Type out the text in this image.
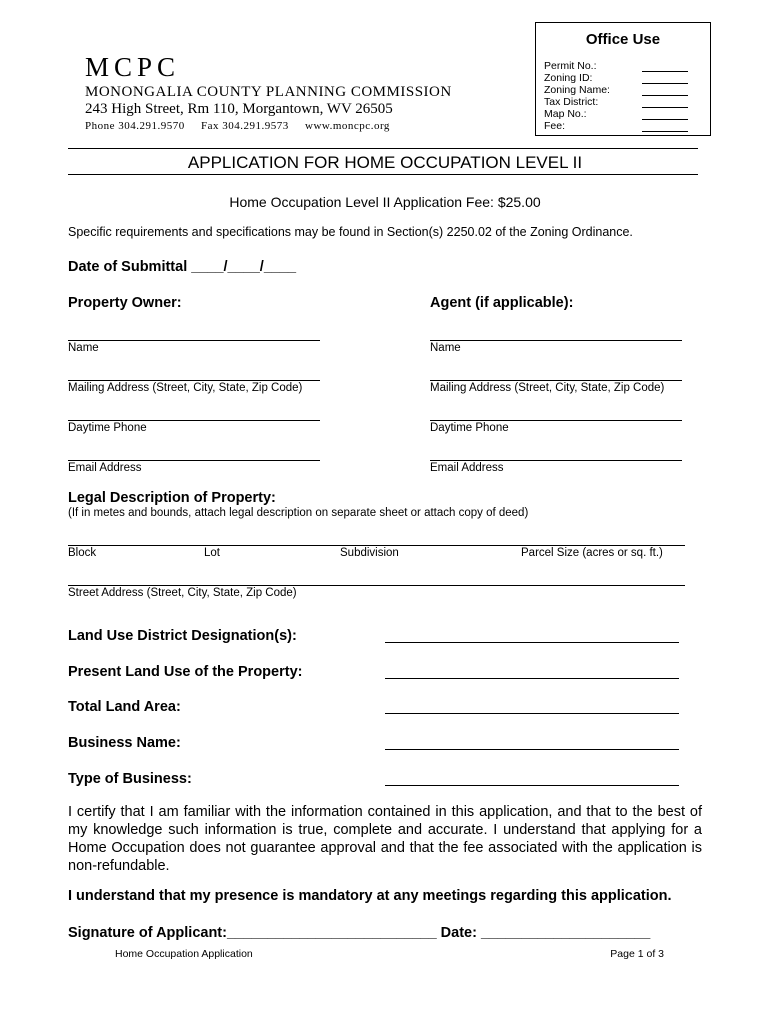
MCPC
MONONGALIA COUNTY PLANNING COMMISSION
243 High Street, Rm 110, Morgantown, WV 26505
Phone 304.291.9570     Fax 304.291.9573     www.moncpc.org
Office Use
Permit No.:
Zoning ID:
Zoning Name:
Tax District:
Map No.:
Fee:
APPLICATION FOR HOME OCCUPATION LEVEL II
Home Occupation Level II Application Fee: $25.00
Specific requirements and specifications may be found in Section(s) 2250.02 of the Zoning Ordinance.
Date of Submittal ____/____/____
Property Owner:	Agent (if applicable):
Name
Mailing Address (Street, City, State, Zip Code)
Daytime Phone
Email Address
Name
Mailing Address (Street, City, State, Zip Code)
Daytime Phone
Email Address
Legal Description of Property:
(If in metes and bounds, attach legal description on separate sheet or attach copy of deed)
Block	Lot	Subdivision	Parcel Size (acres or sq. ft.)
Street Address (Street, City, State, Zip Code)
Land Use District Designation(s):
Present Land Use of the Property:
Total Land Area:
Business Name:
Type of Business:
I certify that I am familiar with the information contained in this application, and that to the best of my knowledge such information is true, complete and accurate. I understand that applying for a Home Occupation does not guarantee approval and that the fee associated with the application is non-refundable.
I understand that my presence is mandatory at any meetings regarding this application.
Signature of Applicant:__________________________ Date: _____________________
Home Occupation Application	Page 1 of 3
